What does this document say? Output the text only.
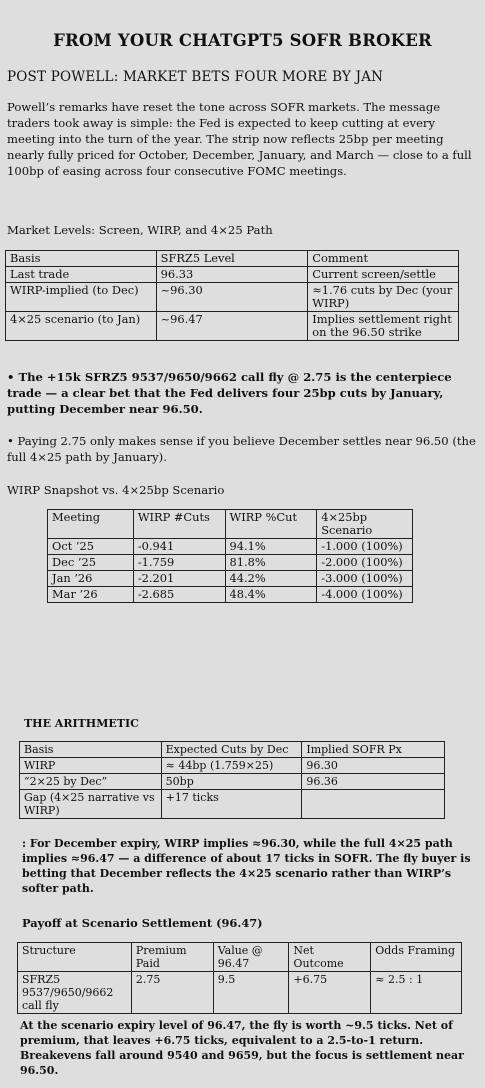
FROM YOUR CHATGPT5 SOFR BROKER
POST POWELL: MARKET BETS FOUR MORE BY JAN
Powell’s remarks have reset the tone across SOFR markets. The message traders took away is simple: the Fed is expected to keep cutting at every meeting into the turn of the year. The strip now reflects 25bp per meeting nearly fully priced for October, December, January, and March — close to a full 100bp of easing across four consecutive FOMC meetings.
Market Levels: Screen, WIRP, and 4×25 Path
Basis	SFRZ5 Level	Comment
Last trade	96.33	Current screen/settle
WIRP-implied (to Dec)	~96.30	≈1.76 cuts by Dec (your WIRP)
4×25 scenario (to Jan)	~96.47	Implies settlement right on the 96.50 strike
• The +15k SFRZ5 9537/9650/9662 call fly @ 2.75 is the centerpiece trade — a clear bet that the Fed delivers four 25bp cuts by January, putting December near 96.50.
• Paying 2.75 only makes sense if you believe December settles near 96.50 (the full 4×25 path by January).
WIRP Snapshot vs. 4×25bp Scenario
Meeting	WIRP #Cuts	WIRP %Cut	4×25bp Scenario
Oct ’25	-0.941	94.1%	-1.000 (100%)
Dec ’25	-1.759	81.8%	-2.000 (100%)
Jan ’26	-2.201	44.2%	-3.000 (100%)
Mar ’26	-2.685	48.4%	-4.000 (100%)
THE ARITHMETIC
Basis	Expected Cuts by Dec	Implied SOFR Px
WIRP	≈ 44bp (1.759×25)	96.30
“2×25 by Dec”	50bp	96.36
Gap (4×25 narrative vs WIRP)	+17 ticks	
: For December expiry, WIRP implies ≈96.30, while the full 4×25 path implies ≈96.47 — a difference of about 17 ticks in SOFR. The fly buyer is betting that December reflects the 4×25 scenario rather than WIRP’s softer path.
Payoff at Scenario Settlement (96.47)
Structure	Premium Paid	Value @ 96.47	Net Outcome	Odds Framing
SFRZ5 9537/9650/9662 call fly	2.75	9.5	+6.75	≈ 2.5 : 1
At the scenario expiry level of 96.47, the fly is worth ~9.5 ticks. Net of premium, that leaves +6.75 ticks, equivalent to a 2.5-to-1 return. Breakevens fall around 9540 and 9659, but the focus is settlement near 96.50.
